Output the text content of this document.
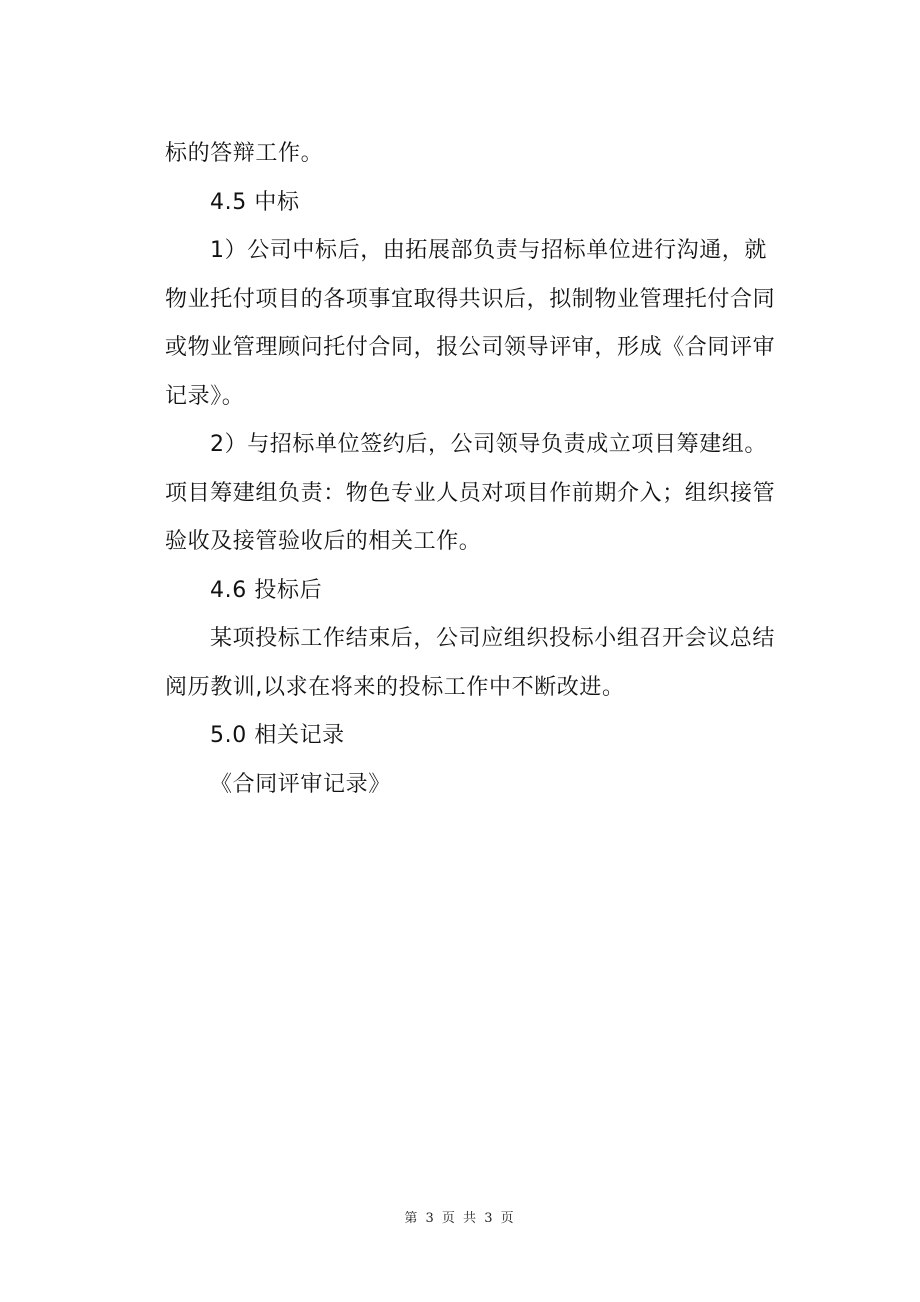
标的答辩工作。

4.5 中标

1）公司中标后，由拓展部负责与招标单位进行沟通，就物业托付项目的各项事宜取得共识后，拟制物业管理托付合同或物业管理顾问托付合同，报公司领导评审，形成《合同评审记录》。

2）与招标单位签约后，公司领导负责成立项目筹建组。项目筹建组负责：物色专业人员对项目作前期介入；组织接管验收及接管验收后的相关工作。

4.6 投标后

某项投标工作结束后，公司应组织投标小组召开会议总结阅历教训,以求在将来的投标工作中不断改进。

5.0 相关记录

《合同评审记录》

第 3 页 共 3 页
